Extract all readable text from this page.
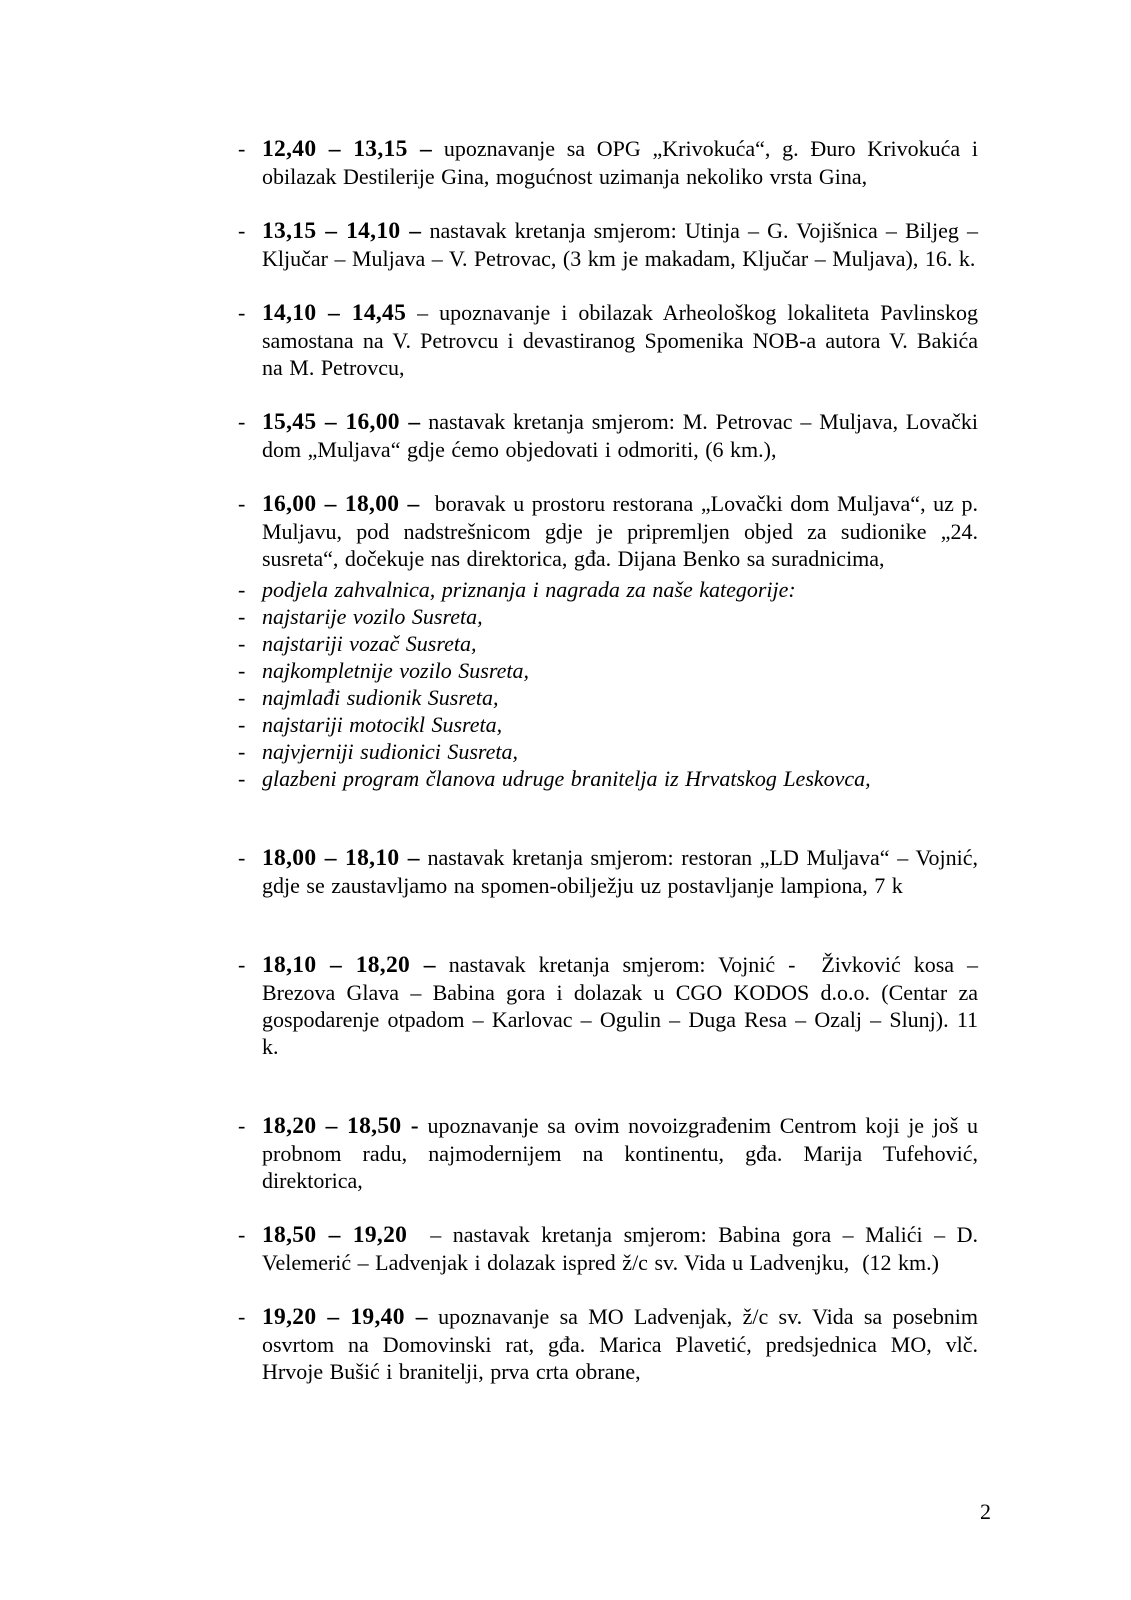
- 12,40 – 13,15 – upoznavanje sa OPG „Krivokuća“, g. Đuro Krivokuća i obilazak Destilerije Gina, mogućnost uzimanja nekoliko vrsta Gina,
- 13,15 – 14,10 – nastavak kretanja smjerom: Utinja – G. Vojišnica – Biljeg – Ključar – Muljava – V. Petrovac, (3 km je makadam, Ključar – Muljava), 16. k.
- 14,10 – 14,45 – upoznavanje i obilazak Arheološkog lokaliteta Pavlinskog samostana na V. Petrovcu i devastiranog Spomenika NOB-a autora V. Bakića na M. Petrovcu,
- 15,45 – 16,00 – nastavak kretanja smjerom: M. Petrovac – Muljava, Lovački dom „Muljava“ gdje ćemo objedovati i odmoriti, (6 km.),
- 16,00 – 18,00 –  boravak u prostoru restorana „Lovački dom Muljava“, uz p. Muljavu, pod nadstrešnicom gdje je pripremljen objed za sudionike „24. susreta“, dočekuje nas direktorica, gđa. Dijana Benko sa suradnicima,
- podjela zahvalnica, priznanja i nagrada za naše kategorije:
- najstarije vozilo Susreta,
- najstariji vozač Susreta,
- najkompletnije vozilo Susreta,
- najmlađi sudionik Susreta,
- najstariji motocikl Susreta,
- najvjerniji sudionici Susreta,
- glazbeni program članova udruge branitelja iz Hrvatskog Leskovca,
- 18,00 – 18,10 – nastavak kretanja smjerom: restoran „LD Muljava“ – Vojnić, gdje se zaustavljamo na spomen-obilježju uz postavljanje lampiona, 7 k
- 18,10 – 18,20 – nastavak kretanja smjerom: Vojnić -  Živković kosa – Brezova Glava – Babina gora i dolazak u CGO KODOS d.o.o. (Centar za gospodarenje otpadom – Karlovac – Ogulin – Duga Resa – Ozalj – Slunj). 11 k.
- 18,20 – 18,50 - upoznavanje sa ovim novoizgrađenim Centrom koji je još u probnom radu, najmodernijem na kontinentu, gđa. Marija Tufehović, direktorica,
- 18,50 – 19,20  – nastavak kretanja smjerom: Babina gora – Malići – D. Velemerić – Ladvenjak i dolazak ispred ž/c sv. Vida u Ladvenjku,  (12 km.)
- 19,20 – 19,40 – upoznavanje sa MO Ladvenjak, ž/c sv. Vida sa posebnim osvrtom na Domovinski rat, gđa. Marica Plavetić, predsjednica MO, vlč. Hrvoje Bušić i branitelji, prva crta obrane,
2
